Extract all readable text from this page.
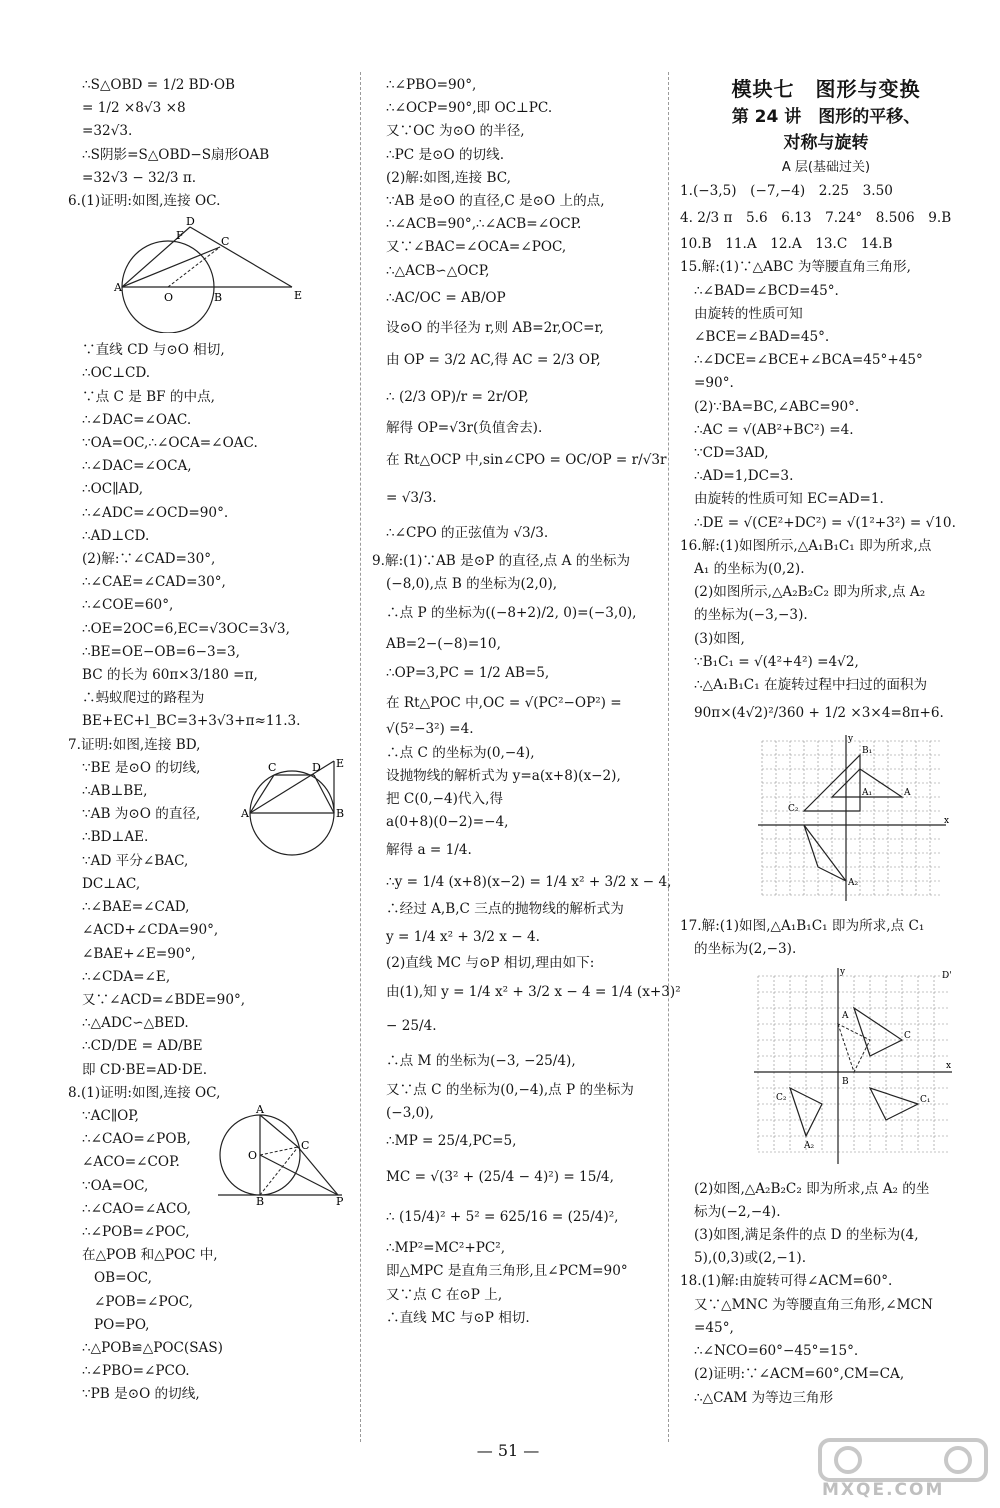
∴S△OBD = 1/2 BD·OB
= 1/2 ×8√3 ×8
=32√3.
∴S阴影=S△OBD−S扇形OAB
=32√3 − 32/3 π.
6.(1)证明:如图,连接 OC.
A
O	B	E
D
C
F
∵直线 CD 与⊙O 相切,
∴OC⊥CD.
∵点 C 是 BF 的中点,
∴∠DAC=∠OAC.
∵OA=OC,∴∠OCA=∠OAC.
∴∠DAC=∠OCA,
∴OC∥AD,
∴∠ADC=∠OCD=90°.
∴AD⊥CD.
(2)解:∵∠CAD=30°,
∴∠CAE=∠CAD=30°,
∴∠COE=60°,
∴OE=2OC=6,EC=√3OC=3√3,
∴BE=OE−OB=6−3=3,
BC 的长为 60π×3/180 =π,
∴蚂蚁爬过的路程为
BE+EC+l_BC=3+3√3+π≈11.3.
7.证明:如图,连接 BD,
A	B
E
C	D
∵BE 是⊙O 的切线,
∴AB⊥BE,
∵AB 为⊙O 的直径,
∴BD⊥AE.
∵AD 平分∠BAC,
DC⊥AC,
∴∠BAE=∠CAD,
∠ACD+∠CDA=90°,
∠BAE+∠E=90°,
∴∠CDA=∠E,
又∵∠ACD=∠BDE=90°,
∴△ADC∽△BED.
∴CD/DE = AD/BE
即 CD·BE=AD·DE.
8.(1)证明:如图,连接 OC,
A
O
C
B	P
∵AC∥OP,
∴∠CAO=∠POB,
∠ACO=∠COP.
∵OA=OC,
∴∠CAO=∠ACO,
∴∠POB=∠POC,
在△POB 和△POC 中,
OB=OC,
∠POB=∠POC,
PO=PO,
∴△POB≌△POC(SAS)
∴∠PBO=∠PCO.
∵PB 是⊙O 的切线,
∴∠PBO=90°,
∴∠OCP=90°,即 OC⊥PC.
又∵OC 为⊙O 的半径,
∴PC 是⊙O 的切线.
(2)解:如图,连接 BC,
∵AB 是⊙O 的直径,C 是⊙O 上的点,
∴∠ACB=90°,∴∠ACB=∠OCP.
又∵∠BAC=∠OCA=∠POC,
∴△ACB∽△OCP,
∴AC/OC = AB/OP
设⊙O 的半径为 r,则 AB=2r,OC=r,
由 OP = 3/2 AC,得 AC = 2/3 OP,
∴ (2/3 OP)/r = 2r/OP,
解得 OP=√3r(负值舍去).
在 Rt△OCP 中,sin∠CPO = OC/OP = r/√3r
= √3/3.
∴∠CPO 的正弦值为 √3/3.
9.解:(1)∵AB 是⊙P 的直径,点 A 的坐标为
(−8,0),点 B 的坐标为(2,0),
∴点 P 的坐标为((−8+2)/2, 0)=(−3,0),
AB=2−(−8)=10,
∴OP=3,PC = 1/2 AB=5,
在 Rt△POC 中,OC = √(PC²−OP²) =
√(5²−3²) =4.
∴点 C 的坐标为(0,−4),
设抛物线的解析式为 y=a(x+8)(x−2),
把 C(0,−4)代入,得
a(0+8)(0−2)=−4,
解得 a = 1/4.
∴y = 1/4 (x+8)(x−2) = 1/4 x² + 3/2 x − 4,
∴经过 A,B,C 三点的抛物线的解析式为
y = 1/4 x² + 3/2 x − 4.
(2)直线 MC 与⊙P 相切,理由如下:
由(1),知 y = 1/4 x² + 3/2 x − 4 = 1/4 (x+3)²
− 25/4.
∴点 M 的坐标为(−3, −25/4),
又∵点 C 的坐标为(0,−4),点 P 的坐标为
(−3,0),
∴MP = 25/4,PC=5,
MC = √(3² + (25/4 − 4)²) = 15/4,
∴ (15/4)² + 5² = 625/16 = (25/4)²,
∴MP²=MC²+PC²,
即△MPC 是直角三角形,且∠PCM=90°
又∵点 C 在⊙P 上,
∴直线 MC 与⊙P 相切.
模块七　图形与变换
第 24 讲　图形的平移、
对称与旋转
A 层(基础过关)
1.(−3,5)　(−7,−4)　2.25　3.50
4. 2/3 π　5.6　6.13　7.24°　8.506　9.B
10.B　11.A　12.A　13.C　14.B
15.解:(1)∵△ABC 为等腰直角三角形,
∴∠BAD=∠BCD=45°.
由旋转的性质可知
∠BCE=∠BAD=45°.
∴∠DCE=∠BCE+∠BCA=45°+45°
=90°.
(2)∵BA=BC,∠ABC=90°.
∴AC = √(AB²+BC²) =4.
∵CD=3AD,
∴AD=1,DC=3.
由旋转的性质可知 EC=AD=1.
∴DE = √(CE²+DC²) = √(1²+3²) = √10.
16.解:(1)如图所示,△A₁B₁C₁ 即为所求,点
A₁ 的坐标为(0,2).
(2)如图所示,△A₂B₂C₂ 即为所求,点 A₂
的坐标为(−3,−3).
(3)如图,
∵B₁C₁ = √(4²+4²) =4√2,
∴△A₁B₁C₁ 在旋转过程中扫过的面积为
90π×(4√2)²/360 + 1/2 ×3×4=8π+6.
y
x
B₁
C₂
A₁	A
A₂
17.解:(1)如图,△A₁B₁C₁ 即为所求,点 C₁
的坐标为(2,−3).
y
x
D'
C
A
B
C₁
C₂
A₂
(2)如图,△A₂B₂C₂ 即为所求,点 A₂ 的坐
标为(−2,−4).
(3)如图,满足条件的点 D 的坐标为(4,
5),(0,3)或(2,−1).
18.(1)解:由旋转可得∠ACM=60°.
又∵△MNC 为等腰直角三角形,∠MCN
=45°,
∴∠NCO=60°−45°=15°.
(2)证明:∵∠ACM=60°,CM=CA,
∴△CAM 为等边三角形
— 51 —
MXQE.COM
